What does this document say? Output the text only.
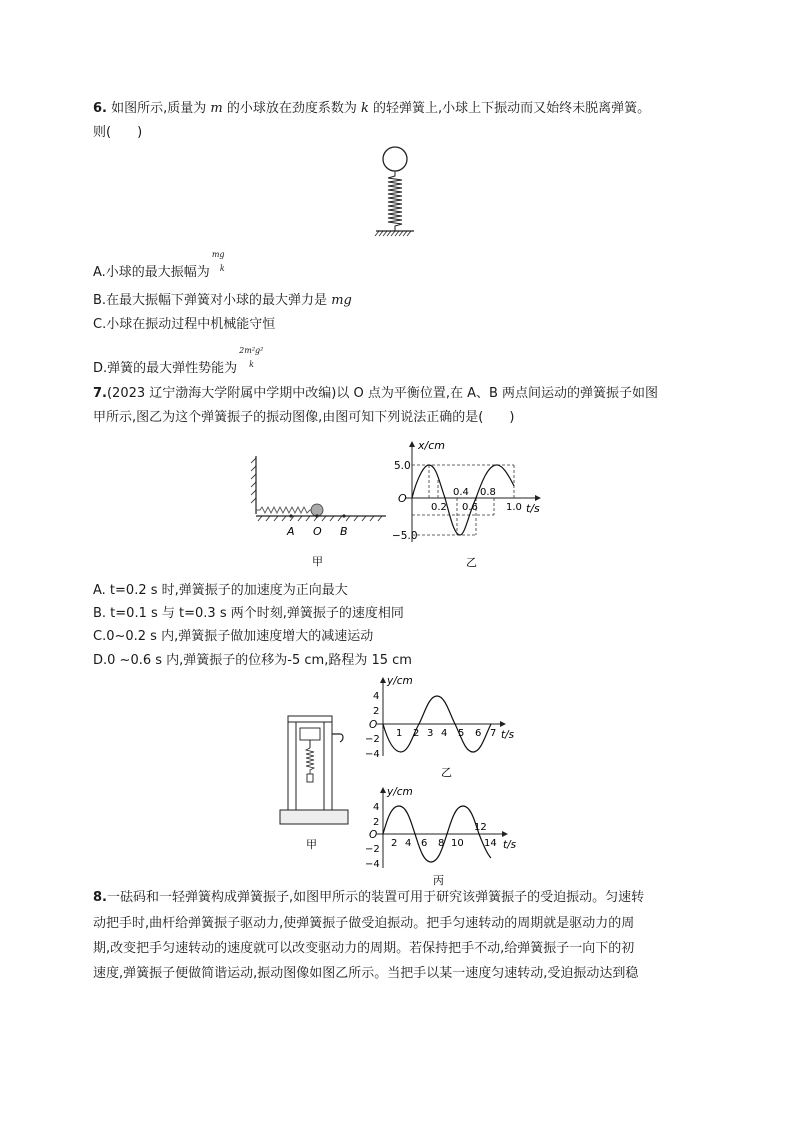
6. 如图所示,质量为 m 的小球放在劲度系数为 k 的轻弹簧上,小球上下振动而又始终未脱离弹簧。
则(　　)
A.小球的最大振幅为
mg
k
B.在最大振幅下弹簧对小球的最大弹力是 mg
C.小球在振动过程中机械能守恒
D.弹簧的最大弹性势能为
2m²g²
k
7.(2023 辽宁渤海大学附属中学期中改编)以 O 点为平衡位置,在 A、B 两点间运动的弹簧振子如图
甲所示,图乙为这个弹簧振子的振动图像,由图可知下列说法正确的是(　　)
A O B
甲
x/cm
t/s
O
5.0
−5.0
0.2
0.4
0.6
0.8
1.0
乙
A. t=0.2 s 时,弹簧振子的加速度为正向最大
B. t=0.1 s 与 t=0.3 s 两个时刻,弹簧振子的速度相同
C.0~0.2 s 内,弹簧振子做加速度增大的减速运动
D.0 ~0.6 s 内,弹簧振子的位移为-5 cm,路程为 15 cm
甲
y/cm
t/s
O
4
2
−2
−4
1 2 3 4 5 6 7
乙
y/cm
t/s
O
4
2
−2
−4
2 4 6 8 10
12
14
丙
8.一砝码和一轻弹簧构成弹簧振子,如图甲所示的装置可用于研究该弹簧振子的受迫振动。匀速转
动把手时,曲杆给弹簧振子驱动力,使弹簧振子做受迫振动。把手匀速转动的周期就是驱动力的周
期,改变把手匀速转动的速度就可以改变驱动力的周期。若保持把手不动,给弹簧振子一向下的初
速度,弹簧振子便做简谐运动,振动图像如图乙所示。当把手以某一速度匀速转动,受迫振动达到稳
